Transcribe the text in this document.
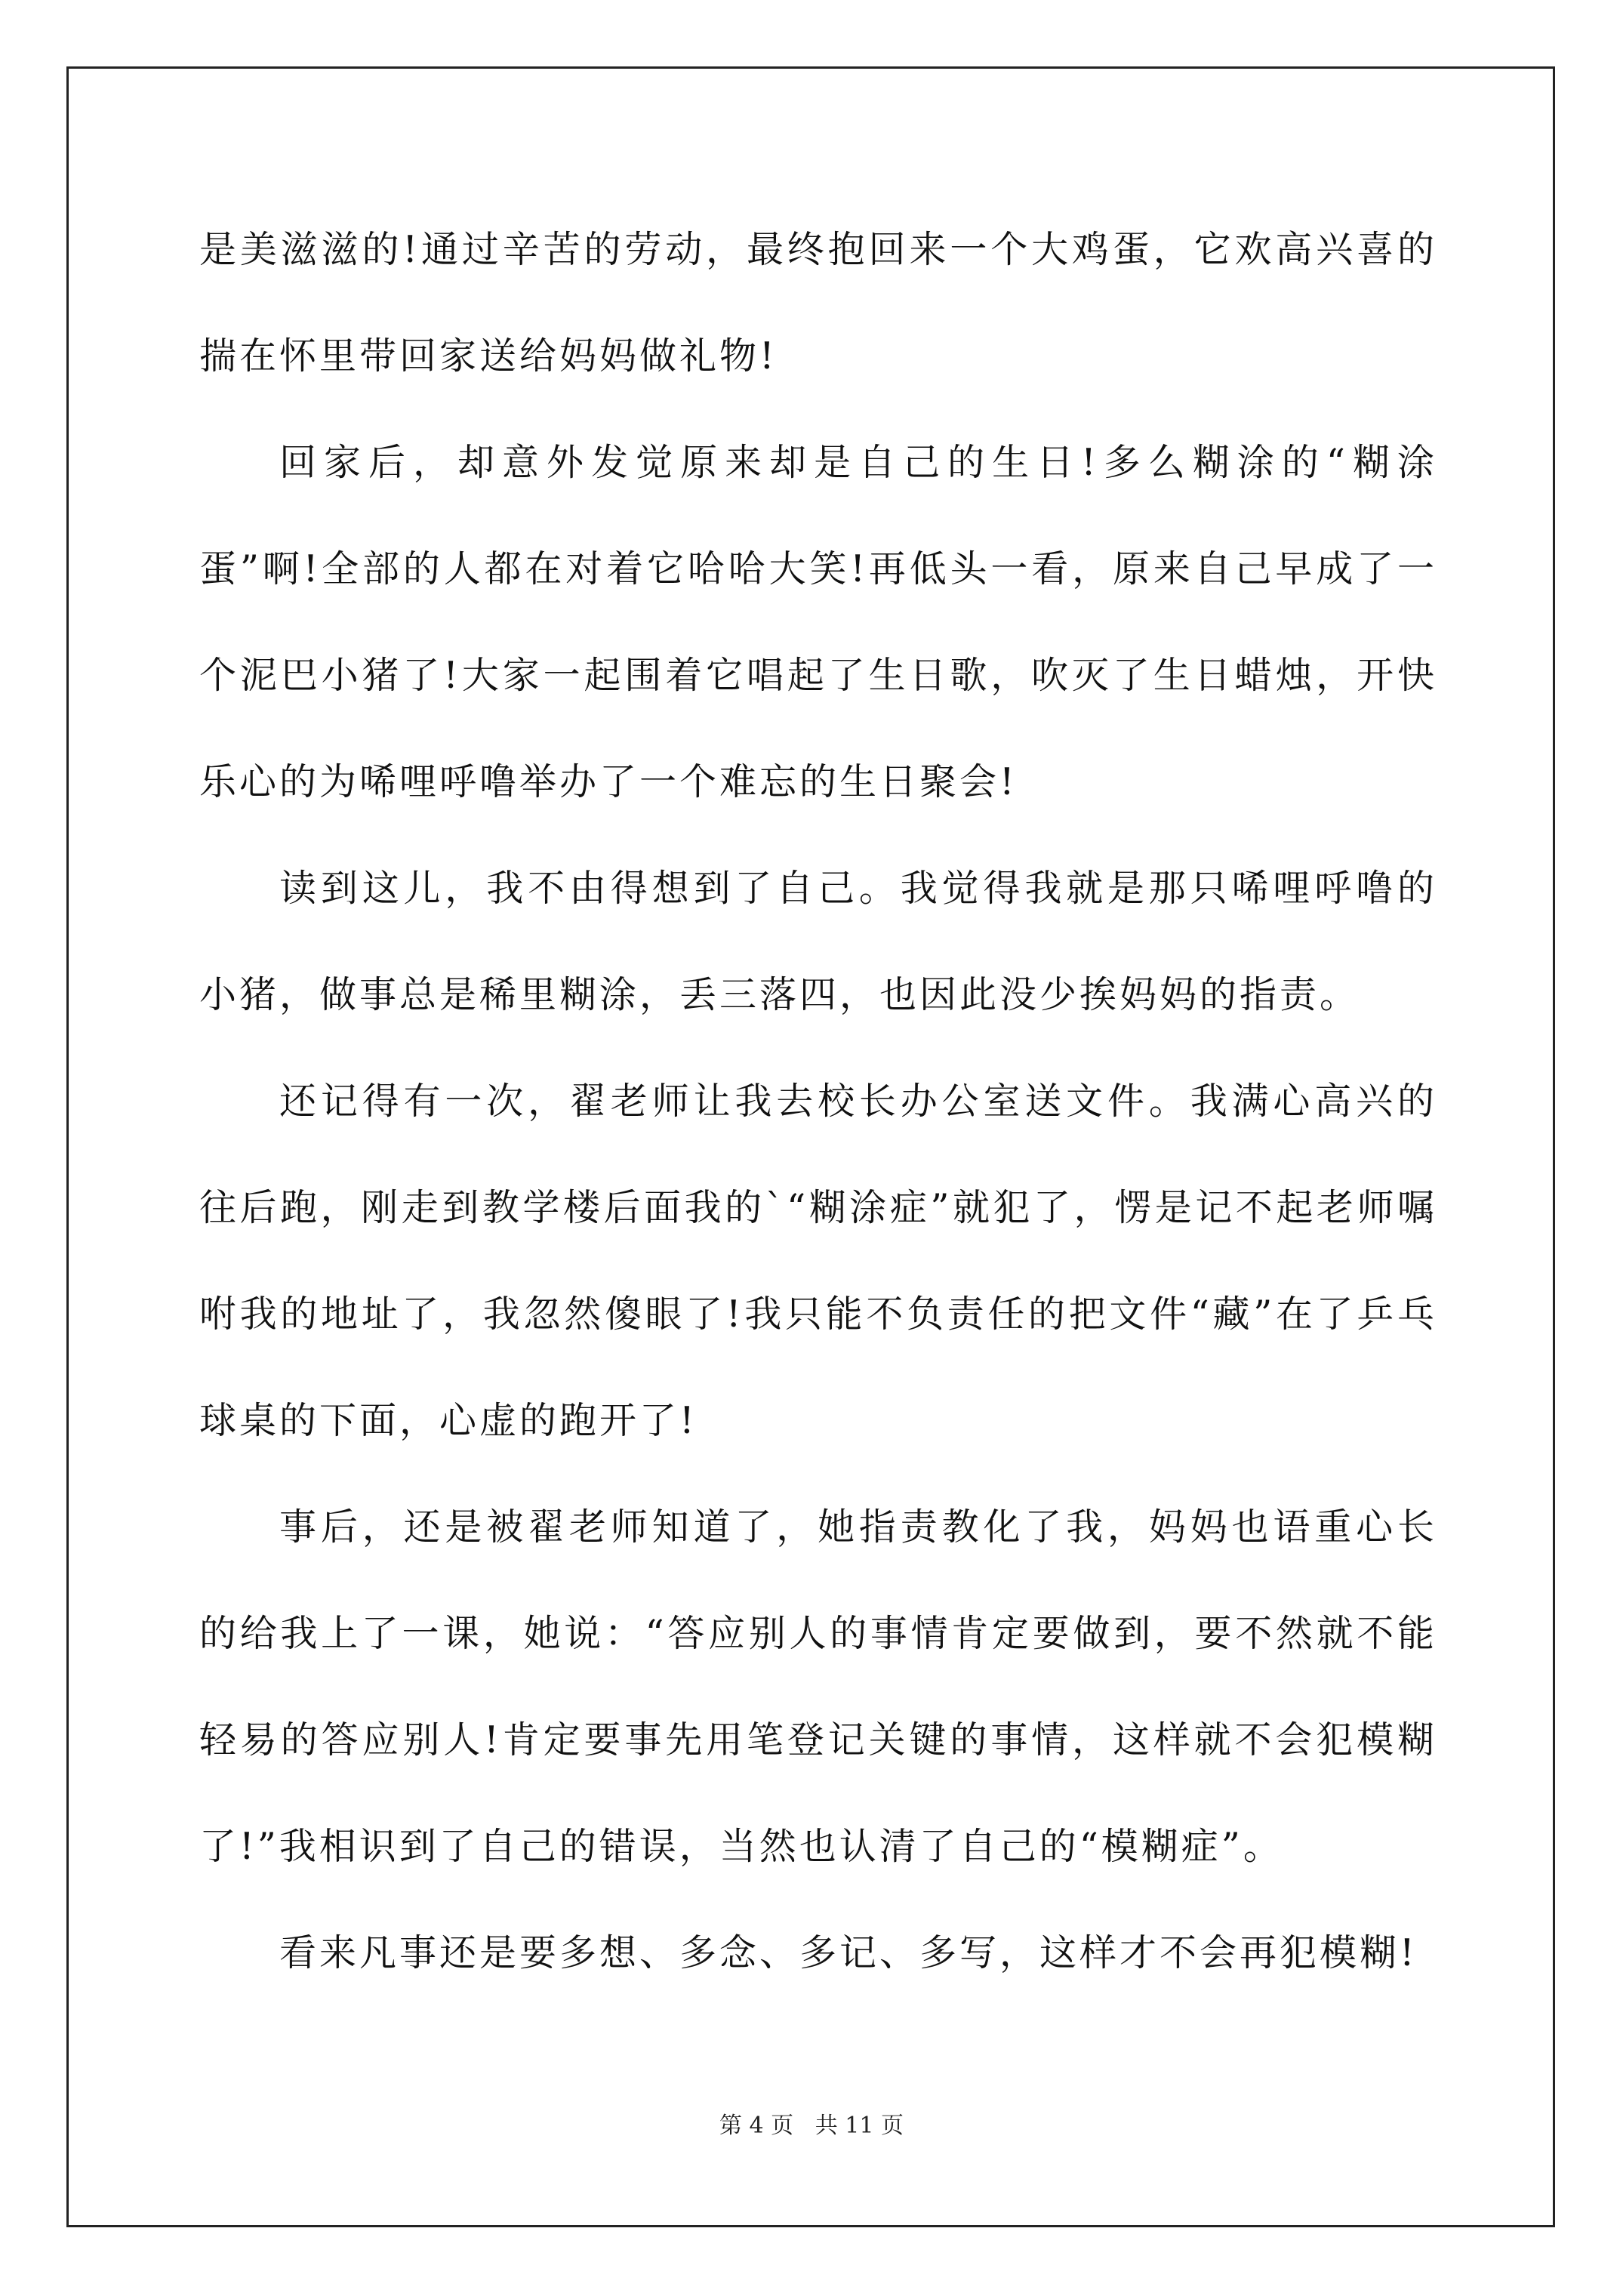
是美滋滋的!通过辛苦的劳动，最终抱回来一个大鸡蛋，它欢高兴喜的揣在怀里带回家送给妈妈做礼物!

回家后，却意外发觉原来却是自己的生日!多么糊涂的“糊涂蛋”啊!全部的人都在对着它哈哈大笑!再低头一看，原来自己早成了一个泥巴小猪了!大家一起围着它唱起了生日歌，吹灭了生日蜡烛，开快乐心的为唏哩呼噜举办了一个难忘的生日聚会!

读到这儿，我不由得想到了自己。我觉得我就是那只唏哩呼噜的小猪，做事总是稀里糊涂，丢三落四，也因此没少挨妈妈的指责。

还记得有一次，翟老师让我去校长办公室送文件。我满心高兴的往后跑，刚走到教学楼后面我的`“糊涂症”就犯了，愣是记不起老师嘱咐我的地址了，我忽然傻眼了!我只能不负责任的把文件“藏”在了乒乓球桌的下面，心虚的跑开了!

事后，还是被翟老师知道了，她指责教化了我，妈妈也语重心长的给我上了一课，她说：“答应别人的事情肯定要做到，要不然就不能轻易的答应别人!肯定要事先用笔登记关键的事情，这样就不会犯模糊了!”我相识到了自己的错误，当然也认清了自己的“模糊症”。

看来凡事还是要多想、多念、多记、多写，这样才不会再犯模糊!

第 4 页   共 11 页
